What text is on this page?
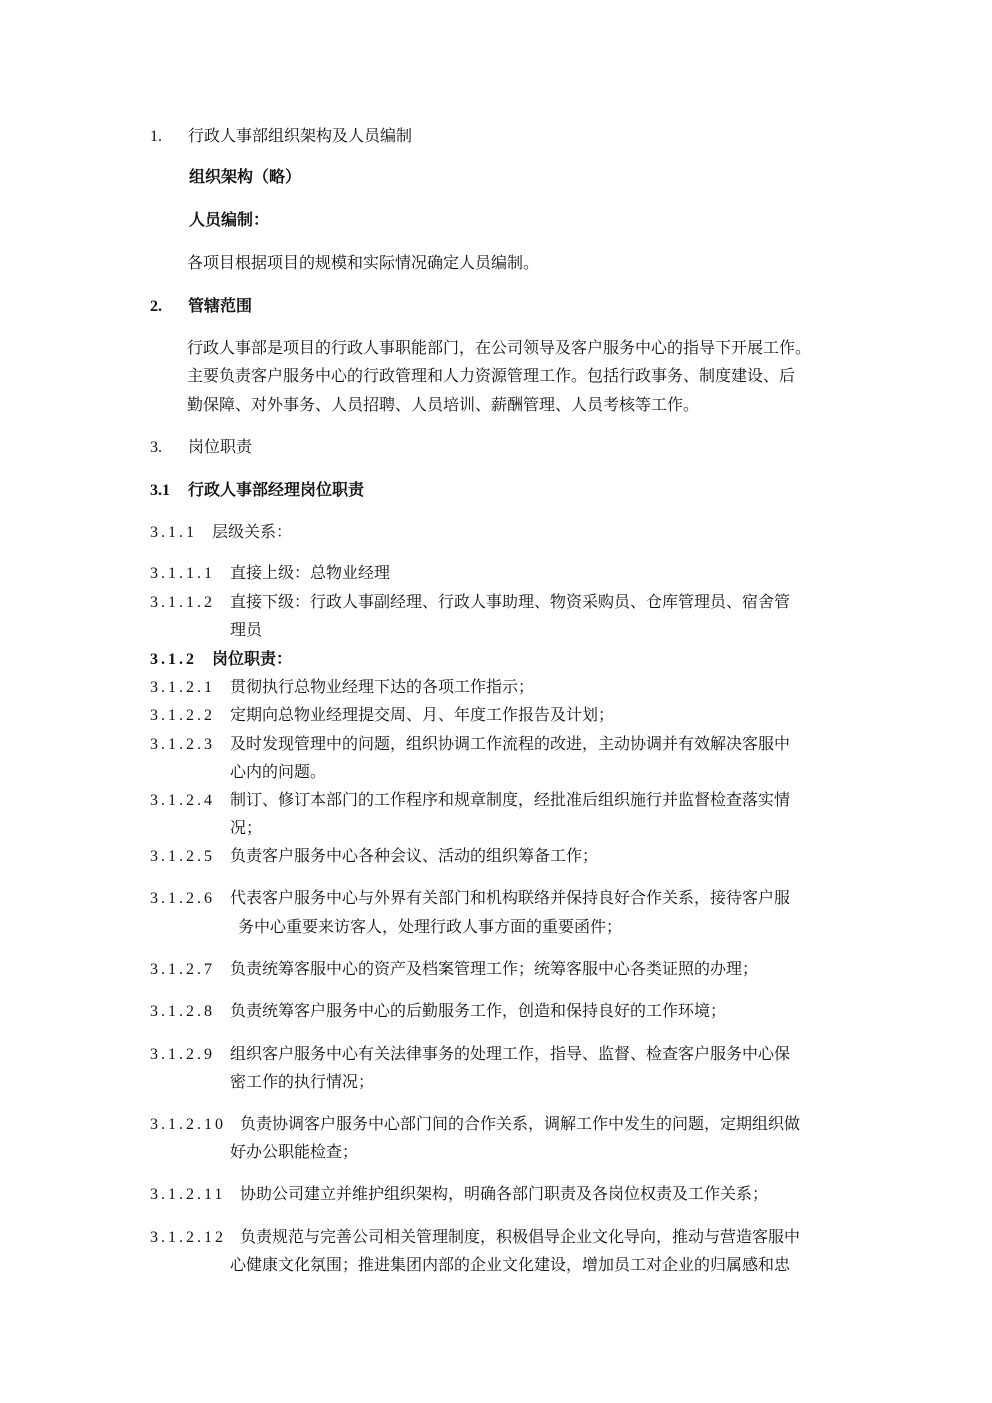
1. 行政人事部组织架构及人员编制
组织架构（略）
人员编制：
各项目根据项目的规模和实际情况确定人员编制。
2. 管辖范围
行政人事部是项目的行政人事职能部门，在公司领导及客户服务中心的指导下开展工作。
主要负责客户服务中心的行政管理和人力资源管理工作。包括行政事务、制度建设、后
勤保障、对外事务、人员招聘、人员培训、薪酬管理、人员考核等工作。
3. 岗位职责
3.1 行政人事部经理岗位职责
3.1.1 层级关系：
3.1.1.1 直接上级：总物业经理
3.1.1.2 直接下级：行政人事副经理、行政人事助理、物资采购员、仓库管理员、宿舍管
理员
3.1.2 岗位职责：
3.1.2.1 贯彻执行总物业经理下达的各项工作指示；
3.1.2.2 定期向总物业经理提交周、月、年度工作报告及计划；
3.1.2.3 及时发现管理中的问题，组织协调工作流程的改进，主动协调并有效解决客服中
心内的问题。
3.1.2.4 制订、修订本部门的工作程序和规章制度，经批准后组织施行并监督检查落实情
况；
3.1.2.5 负责客户服务中心各种会议、活动的组织筹备工作；
3.1.2.6 代表客户服务中心与外界有关部门和机构联络并保持良好合作关系，接待客户服
务中心重要来访客人，处理行政人事方面的重要函件；
3.1.2.7 负责统筹客服中心的资产及档案管理工作；统筹客服中心各类证照的办理；
3.1.2.8 负责统筹客户服务中心的后勤服务工作，创造和保持良好的工作环境；
3.1.2.9 组织客户服务中心有关法律事务的处理工作，指导、监督、检查客户服务中心保
密工作的执行情况；
3.1.2.10 负责协调客户服务中心部门间的合作关系，调解工作中发生的问题，定期组织做
好办公职能检查；
3.1.2.11 协助公司建立并维护组织架构，明确各部门职责及各岗位权责及工作关系；
3.1.2.12 负责规范与完善公司相关管理制度，积极倡导企业文化导向，推动与营造客服中
心健康文化氛围；推进集团内部的企业文化建设，增加员工对企业的归属感和忠
